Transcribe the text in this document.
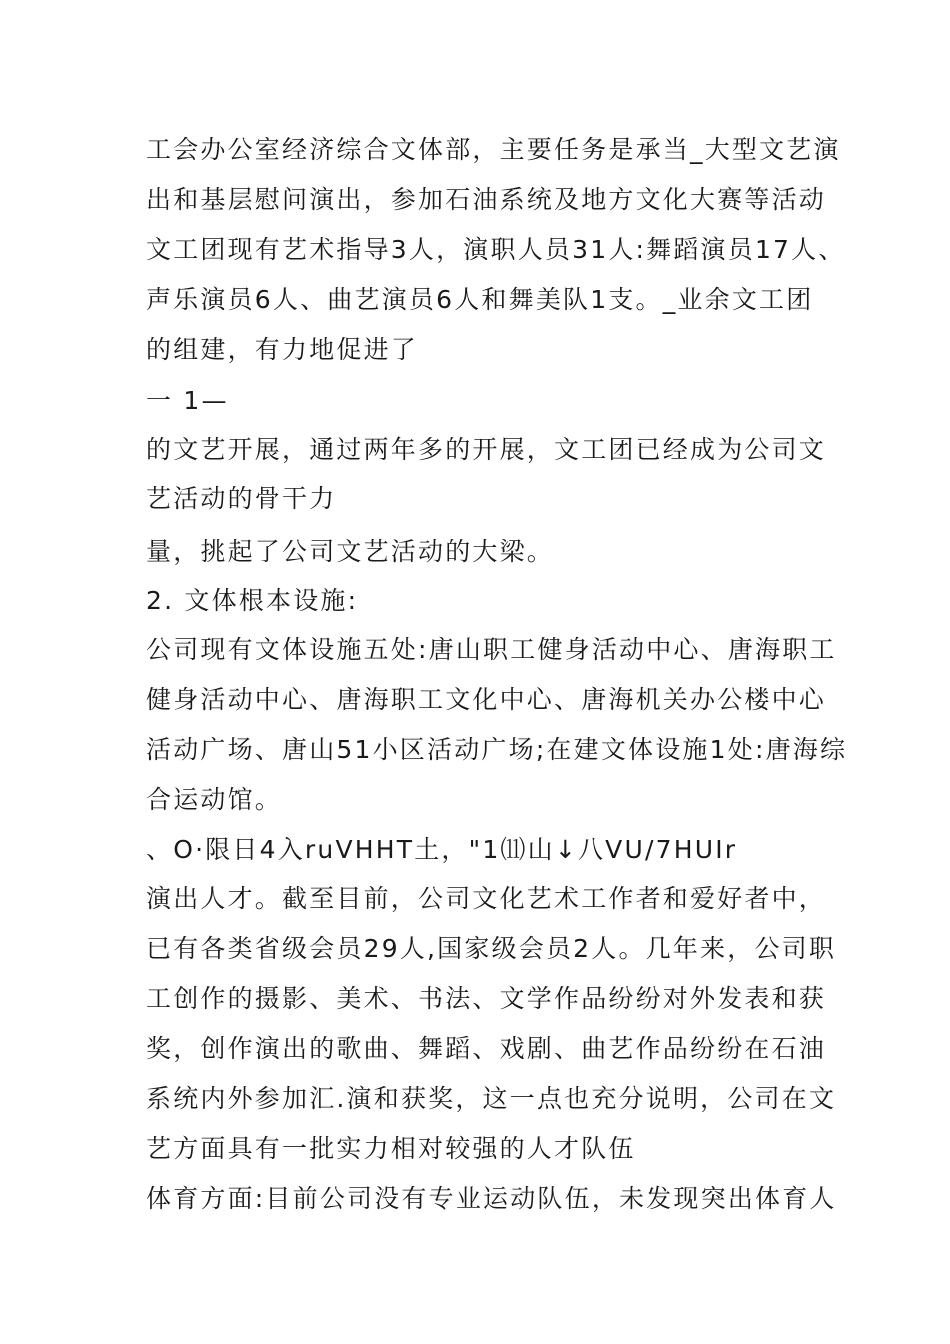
工会办公室经济综合文体部，主要任务是承当_大型文艺演
出和基层慰问演出，参加石油系统及地方文化大赛等活动
文工团现有艺术指导3人，演职人员31人:舞蹈演员17人、
声乐演员6人、曲艺演员6人和舞美队1支。_业余文工团
的组建，有力地促进了
一 1—
的文艺开展，通过两年多的开展，文工团已经成为公司文
艺活动的骨干力
量，挑起了公司文艺活动的大梁。
2. 文体根本设施:
公司现有文体设施五处:唐山职工健身活动中心、唐海职工
健身活动中心、唐海职工文化中心、唐海机关办公楼中心
活动广场、唐山51小区活动广场;在建文体设施1处:唐海综
合运动馆。
、O·限日4入ruVHHT土，"1⑾山↓八VU/7HUIr
演出人才。截至目前，公司文化艺术工作者和爱好者中，
已有各类省级会员29人,国家级会员2人。几年来，公司职
工创作的摄影、美术、书法、文学作品纷纷对外发表和获
奖，创作演出的歌曲、舞蹈、戏剧、曲艺作品纷纷在石油
系统内外参加汇.演和获奖，这一点也充分说明，公司在文
艺方面具有一批实力相对较强的人才队伍
体育方面:目前公司没有专业运动队伍，未发现突出体育人
